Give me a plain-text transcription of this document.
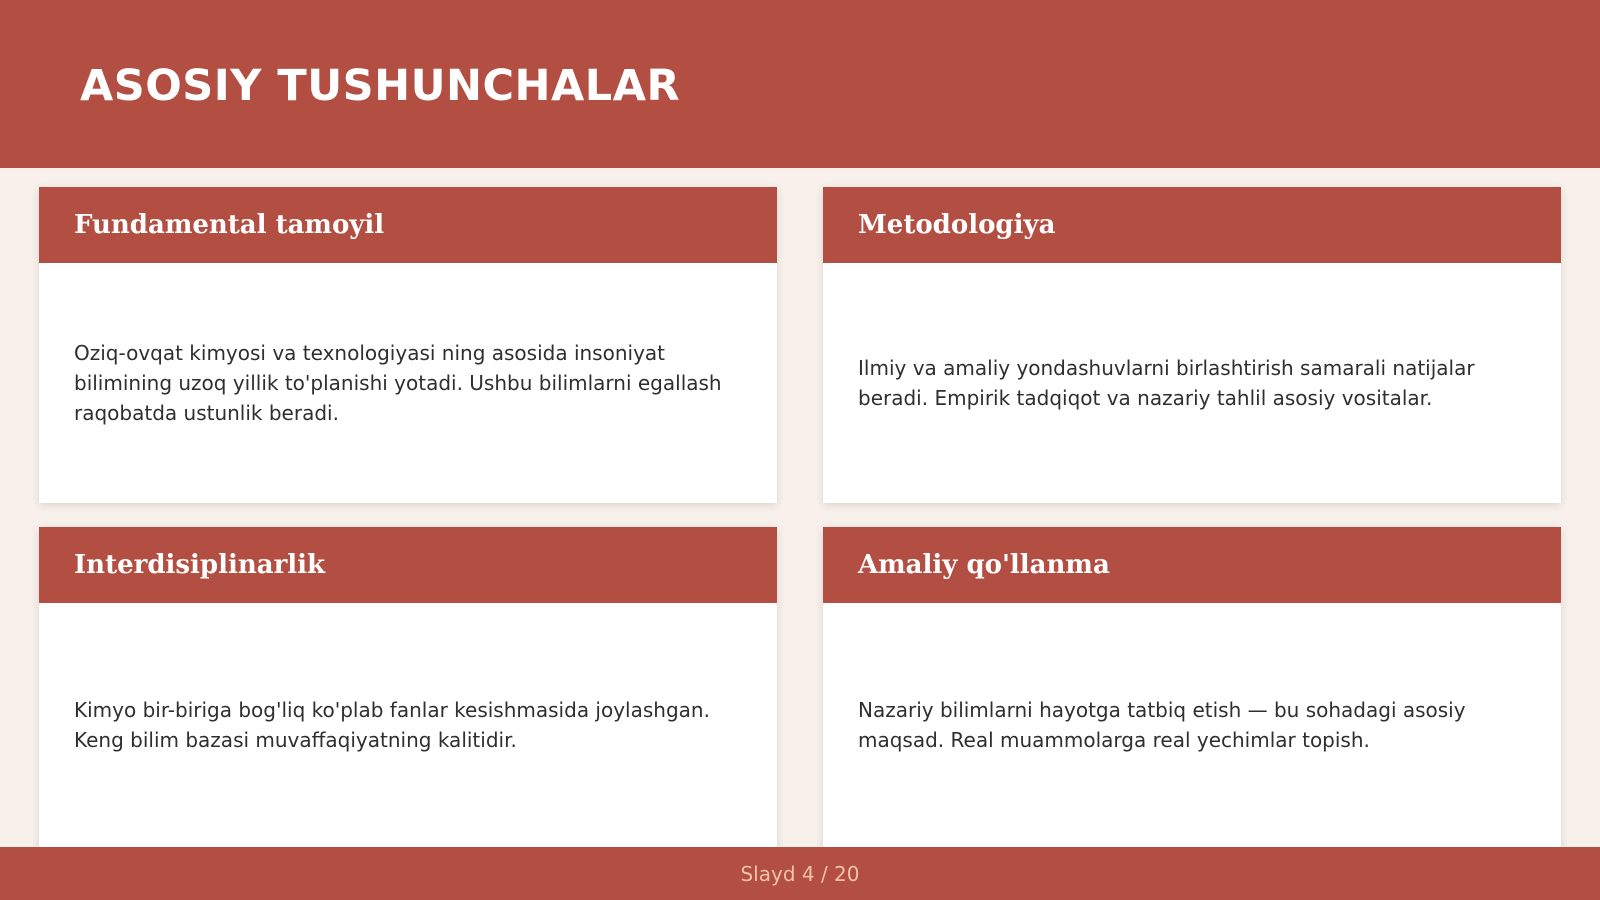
ASOSIY TUSHUNCHALAR
Fundamental tamoyil

Oziq-ovqat kimyosi va texnologiyasi ning asosida insoniyat bilimining uzoq yillik to'planishi yotadi. Ushbu bilimlarni egallash raqobatda ustunlik beradi.

Metodologiya

Ilmiy va amaliy yondashuvlarni birlashtirish samarali natijalar beradi. Empirik tadqiqot va nazariy tahlil asosiy vositalar.

Interdisiplinarlik

Kimyo bir-biriga bog'liq ko'plab fanlar kesishmasida joylashgan. Keng bilim bazasi muvaffaqiyatning kalitidir.

Amaliy qo'llanma

Nazariy bilimlarni hayotga tatbiq etish — bu sohadagi asosiy maqsad. Real muammolarga real yechimlar topish.

Slayd 4 / 20
